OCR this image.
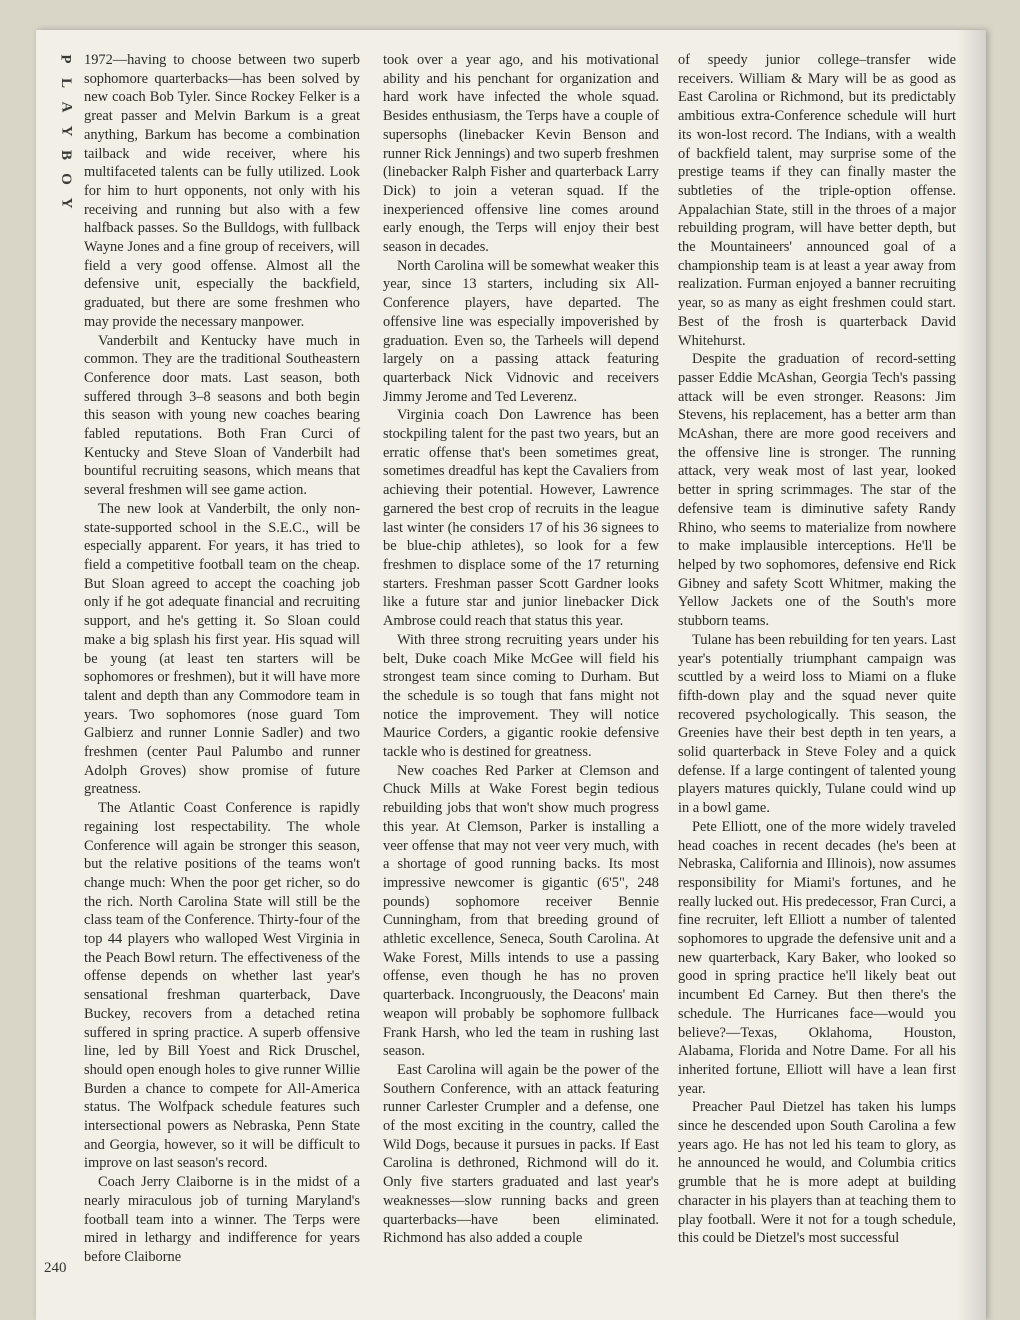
P
L
A
Y
B
O
Y

1972—having to choose between two superb sophomore quarterbacks—has been solved by new coach Bob Tyler. Since Rockey Felker is a great passer and Melvin Barkum is a great anything, Barkum has become a combination tailback and wide receiver, where his multifaceted talents can be fully utilized. Look for him to hurt opponents, not only with his receiving and running but also with a few halfback passes. So the Bulldogs, with fullback Wayne Jones and a fine group of receivers, will field a very good offense. Almost all the defensive unit, especially the backfield, graduated, but there are some freshmen who may provide the necessary manpower.

Vanderbilt and Kentucky have much in common. They are the traditional Southeastern Conference door mats. Last season, both suffered through 3–8 seasons and both begin this season with young new coaches bearing fabled reputations. Both Fran Curci of Kentucky and Steve Sloan of Vanderbilt had bountiful recruiting seasons, which means that several freshmen will see game action.

The new look at Vanderbilt, the only non-state-supported school in the S.E.C., will be especially apparent. For years, it has tried to field a competitive football team on the cheap. But Sloan agreed to accept the coaching job only if he got adequate financial and recruiting support, and he's getting it. So Sloan could make a big splash his first year. His squad will be young (at least ten starters will be sophomores or freshmen), but it will have more talent and depth than any Commodore team in years. Two sophomores (nose guard Tom Galbierz and runner Lonnie Sadler) and two freshmen (center Paul Palumbo and runner Adolph Groves) show promise of future greatness.

The Atlantic Coast Conference is rapidly regaining lost respectability. The whole Conference will again be stronger this season, but the relative positions of the teams won't change much: When the poor get richer, so do the rich. North Carolina State will still be the class team of the Conference. Thirty-four of the top 44 players who walloped West Virginia in the Peach Bowl return. The effectiveness of the offense depends on whether last year's sensational freshman quarterback, Dave Buckey, recovers from a detached retina suffered in spring practice. A superb offensive line, led by Bill Yoest and Rick Druschel, should open enough holes to give runner Willie Burden a chance to compete for All-America status. The Wolfpack schedule features such intersectional powers as Nebraska, Penn State and Georgia, however, so it will be difficult to improve on last season's record.

Coach Jerry Claiborne is in the midst of a nearly miraculous job of turning Maryland's football team into a winner. The Terps were mired in lethargy and indifference for years before Claiborne

took over a year ago, and his motivational ability and his penchant for organization and hard work have infected the whole squad. Besides enthusiasm, the Terps have a couple of supersophs (linebacker Kevin Benson and runner Rick Jennings) and two superb freshmen (linebacker Ralph Fisher and quarterback Larry Dick) to join a veteran squad. If the inexperienced offensive line comes around early enough, the Terps will enjoy their best season in decades.

North Carolina will be somewhat weaker this year, since 13 starters, including six All-Conference players, have departed. The offensive line was especially impoverished by graduation. Even so, the Tarheels will depend largely on a passing attack featuring quarterback Nick Vidnovic and receivers Jimmy Jerome and Ted Leverenz.

Virginia coach Don Lawrence has been stockpiling talent for the past two years, but an erratic offense that's been sometimes great, sometimes dreadful has kept the Cavaliers from achieving their potential. However, Lawrence garnered the best crop of recruits in the league last winter (he considers 17 of his 36 signees to be blue-chip athletes), so look for a few freshmen to displace some of the 17 returning starters. Freshman passer Scott Gardner looks like a future star and junior linebacker Dick Ambrose could reach that status this year.

With three strong recruiting years under his belt, Duke coach Mike McGee will field his strongest team since coming to Durham. But the schedule is so tough that fans might not notice the improvement. They will notice Maurice Corders, a gigantic rookie defensive tackle who is destined for greatness.

New coaches Red Parker at Clemson and Chuck Mills at Wake Forest begin tedious rebuilding jobs that won't show much progress this year. At Clemson, Parker is installing a veer offense that may not veer very much, with a shortage of good running backs. Its most impressive newcomer is gigantic (6'5", 248 pounds) sophomore receiver Bennie Cunningham, from that breeding ground of athletic excellence, Seneca, South Carolina. At Wake Forest, Mills intends to use a passing offense, even though he has no proven quarterback. Incongruously, the Deacons' main weapon will probably be sophomore fullback Frank Harsh, who led the team in rushing last season.

East Carolina will again be the power of the Southern Conference, with an attack featuring runner Carlester Crumpler and a defense, one of the most exciting in the country, called the Wild Dogs, because it pursues in packs. If East Carolina is dethroned, Richmond will do it. Only five starters graduated and last year's weaknesses—slow running backs and green quarterbacks—have been eliminated. Richmond has also added a couple

of speedy junior college–transfer wide receivers. William & Mary will be as good as East Carolina or Richmond, but its predictably ambitious extra-Conference schedule will hurt its won-lost record. The Indians, with a wealth of backfield talent, may surprise some of the prestige teams if they can finally master the subtleties of the triple-option offense. Appalachian State, still in the throes of a major rebuilding program, will have better depth, but the Mountaineers' announced goal of a championship team is at least a year away from realization. Furman enjoyed a banner recruiting year, so as many as eight freshmen could start. Best of the frosh is quarterback David Whitehurst.

Despite the graduation of record-setting passer Eddie McAshan, Georgia Tech's passing attack will be even stronger. Reasons: Jim Stevens, his replacement, has a better arm than McAshan, there are more good receivers and the offensive line is stronger. The running attack, very weak most of last year, looked better in spring scrimmages. The star of the defensive team is diminutive safety Randy Rhino, who seems to materialize from nowhere to make implausible interceptions. He'll be helped by two sophomores, defensive end Rick Gibney and safety Scott Whitmer, making the Yellow Jackets one of the South's more stubborn teams.

Tulane has been rebuilding for ten years. Last year's potentially triumphant campaign was scuttled by a weird loss to Miami on a fluke fifth-down play and the squad never quite recovered psychologically. This season, the Greenies have their best depth in ten years, a solid quarterback in Steve Foley and a quick defense. If a large contingent of talented young players matures quickly, Tulane could wind up in a bowl game.

Pete Elliott, one of the more widely traveled head coaches in recent decades (he's been at Nebraska, California and Illinois), now assumes responsibility for Miami's fortunes, and he really lucked out. His predecessor, Fran Curci, a fine recruiter, left Elliott a number of talented sophomores to upgrade the defensive unit and a new quarterback, Kary Baker, who looked so good in spring practice he'll likely beat out incumbent Ed Carney. But then there's the schedule. The Hurricanes face—would you believe?—Texas, Oklahoma, Houston, Alabama, Florida and Notre Dame. For all his inherited fortune, Elliott will have a lean first year.

Preacher Paul Dietzel has taken his lumps since he descended upon South Carolina a few years ago. He has not led his team to glory, as he announced he would, and Columbia critics grumble that he is more adept at building character in his players than at teaching them to play football. Were it not for a tough schedule, this could be Dietzel's most successful

240
